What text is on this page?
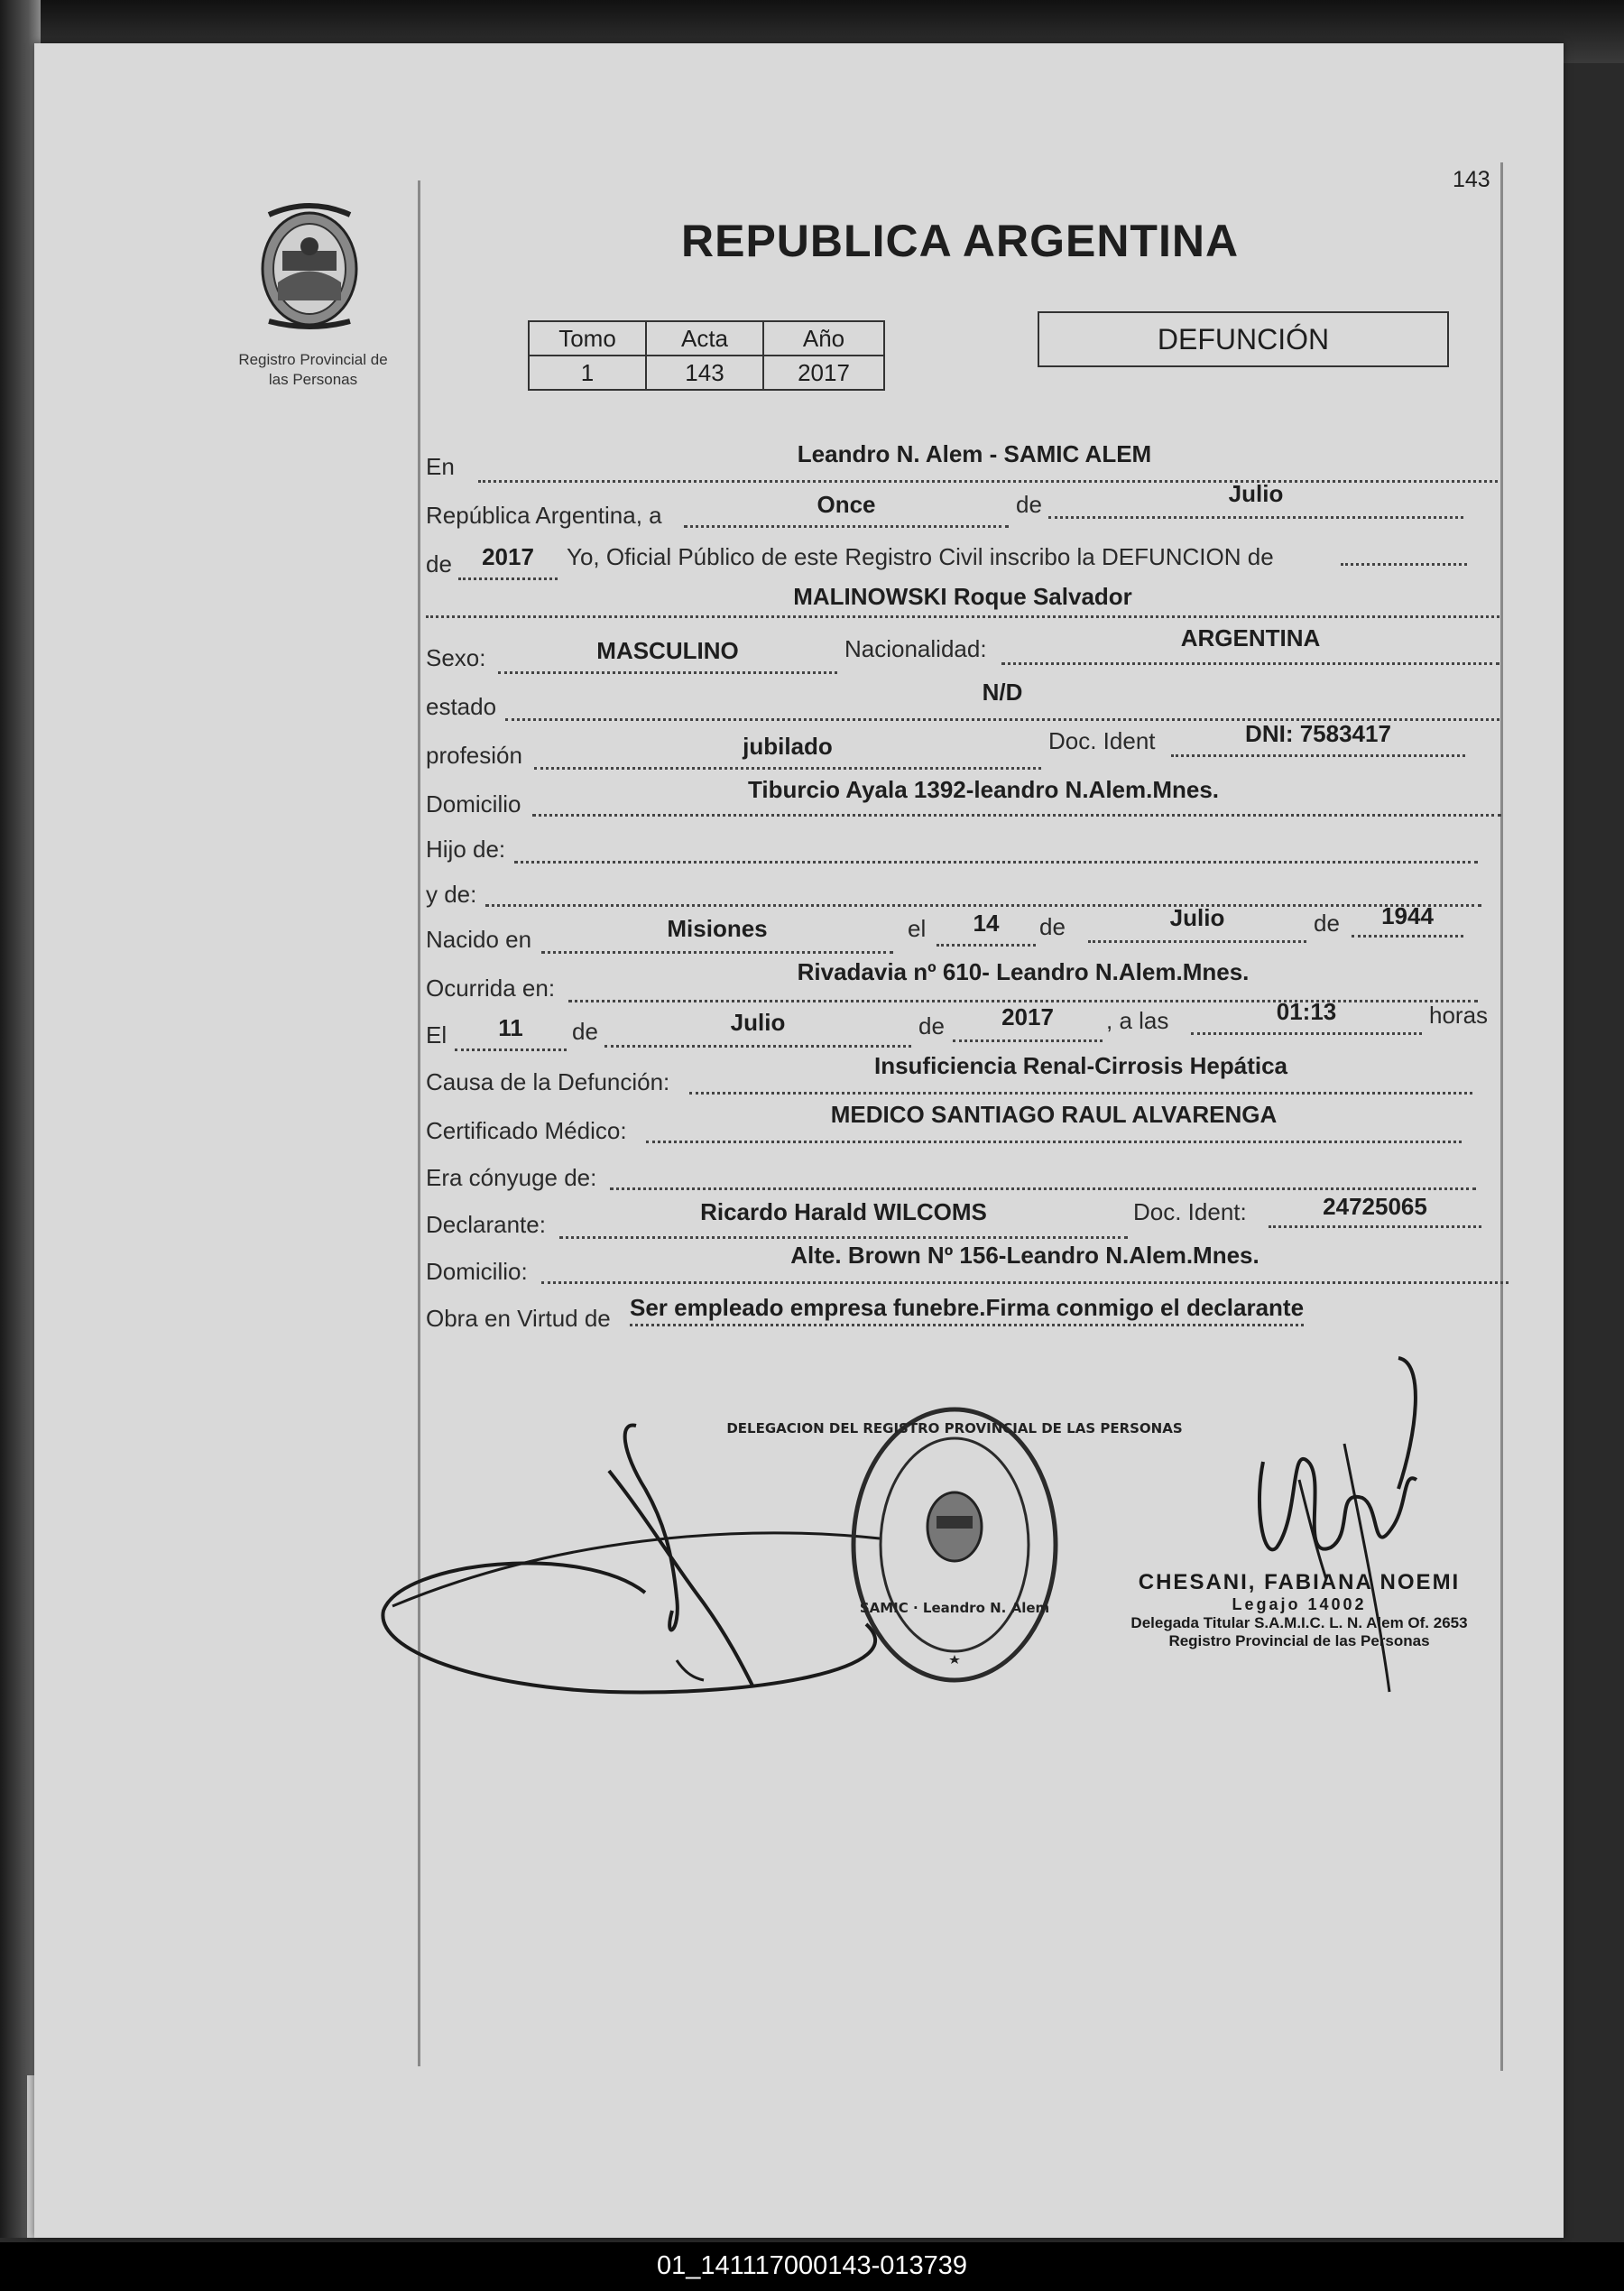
143
Registro Provincial de
las Personas
REPUBLICA ARGENTINA
Tomo	Acta	Año
1	143	2017
DEFUNCIÓN
En	Leandro N. Alem - SAMIC ALEM
República Argentina, a	Once	de	Julio
de	2017	Yo, Oficial Público de este Registro Civil inscribo la DEFUNCION de
MALINOWSKI Roque Salvador
Sexo:	MASCULINO	Nacionalidad:	ARGENTINA
estado
N/D
profesión	jubilado	Doc. Ident	DNI: 7583417
Domicilio
Tiburcio Ayala 1392-leandro N.Alem.Mnes.
Hijo de:
y de:
Nacido en	Misiones	el	14	de	Julio	de	1944
Ocurrida en:
Rivadavia nº 610- Leandro N.Alem.Mnes.
El	11	de	Julio	de	2017	, a las	01:13	horas
Causa de la Defunción:
Insuficiencia Renal-Cirrosis Hepática
Certificado Médico:
MEDICO SANTIAGO RAUL ALVARENGA
Era cónyuge de:
Declarante:	Ricardo Harald WILCOMS	Doc. Ident:	24725065
Domicilio:
Alte. Brown Nº 156-Leandro N.Alem.Mnes.
Obra en Virtud de Ser empleado empresa funebre.Firma conmigo el declarante
DELEGACION DEL REGISTRO PROVINCIAL DE LAS PERSONAS
SAMIC · Leandro N. Alem
CHESANI, FABIANA NOEMI
Legajo 14002
Delegada Titular S.A.M.I.C. L. N. Alem Of. 2653
Registro Provincial de las Personas
01_141117000143-013739
